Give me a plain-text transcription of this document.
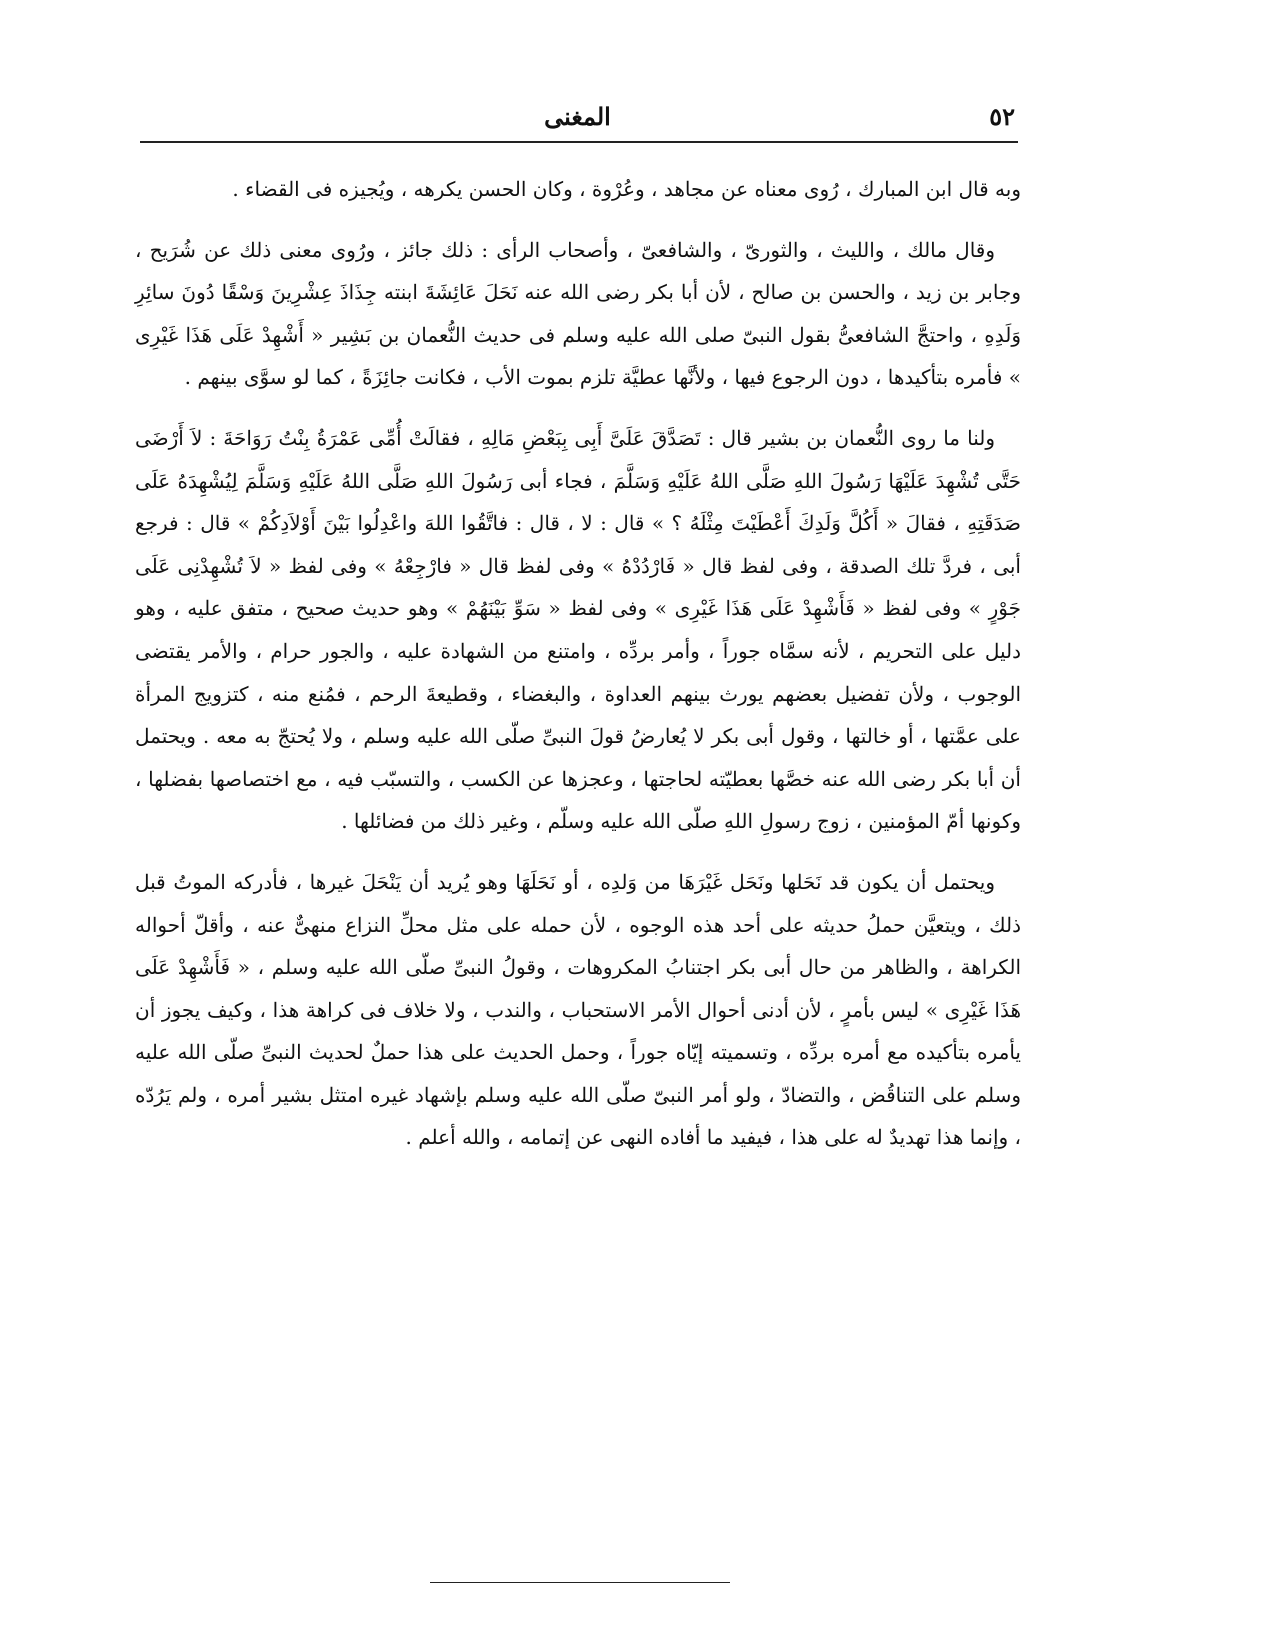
٥٢
المغنى

وبه قال ابن المبارك ، رُوى معناه عن مجاهد ، وعُرْوة ، وكان الحسن يكرهه ، ويُجيزه فى القضاء .

وقال مالك ، والليث ، والثورىّ ، والشافعىّ ، وأصحاب الرأى : ذلك جائز ، ورُوى معنى ذلك عن شُرَيح ، وجابر بن زيد ، والحسن بن صالح ، لأن أبا بكر رضى الله عنه نَحَلَ عَائِشَةَ ابنته جِذَاذَ عِشْرِينَ وَسْقًا دُونَ سائِرِ وَلَدِهِ ، واحتجَّ الشافعىُّ بقول النبىّ صلى الله عليه وسلم فى حديث النُّعمان بن بَشِير « أَشْهِدْ عَلَى هَذَا غَيْرِى » فأمره بتأكيدها ، دون الرجوع فيها ، ولأنَّها عطيَّة تلزم بموت الأب ، فكانت جائِزَةً ، كما لو سوَّى بينهم .

ولنا ما روى النُّعمان بن بشير قال : تَصَدَّقَ عَلَىَّ أَبِى بِبَعْضِ مَالِهِ ، فقالَتْ أُمِّى عَمْرَةُ بِنْتُ رَوَاحَةَ : لاَ أَرْضَى حَتَّى تُشْهِدَ عَلَيْهَا رَسُولَ اللهِ صَلَّى اللهُ عَلَيْهِ وَسَلَّمَ ، فجاء أبى رَسُولَ اللهِ صَلَّى اللهُ عَلَيْهِ وَسَلَّمَ لِيُشْهِدَهُ عَلَى صَدَقَتِهِ ، فقالَ « أَكُلَّ وَلَدِكَ أَعْطَيْتَ مِثْلَهُ ؟ » قال : لا ، قال : فاتَّقُوا اللهَ واعْدِلُوا بَيْنَ أَوْلاَدِكُمْ » قال : فرجع أبى ، فردَّ تلك الصدقة ، وفى لفظ قال « فَارْدُدْهُ » وفى لفظ قال « فارْجِعْهُ » وفى لفظ « لاَ تُشْهِدْنِى عَلَى جَوْرٍ » وفى لفظ « فَأَشْهِدْ عَلَى هَذَا غَيْرِى » وفى لفظ « سَوِّ بَيْنَهُمْ » وهو حديث صحيح ، متفق عليه ، وهو دليل على التحريم ، لأنه سمَّاه جوراً ، وأمر بردِّه ، وامتنع من الشهادة عليه ، والجور حرام ، والأمر يقتضى الوجوب ، ولأن تفضيل بعضهم يورث بينهم العداوة ، والبغضاء ، وقطيعةَ الرحم ، فمُنع منه ، كتزويج المرأة على عمَّتها ، أو خالتها ، وقول أبى بكر لا يُعارضُ قولَ النبىِّ صلّى الله عليه وسلم ، ولا يُحتجّ به معه . ويحتمل أن أبا بكر رضى الله عنه خصَّها بعطيّته لحاجتها ، وعجزها عن الكسب ، والتسبّب فيه ، مع اختصاصها بفضلها ، وكونها أمّ المؤمنين ، زوج رسولِ اللهِ صلّى الله عليه وسلّم ، وغير ذلك من فضائلها .

ويحتمل أن يكون قد نَحَلها ونَحَل غَيْرَهَا من وَلدِه ، أو نَحَلَهَا وهو يُريد أن يَنْحَلَ غيرها ، فأدركه الموتُ قبل ذلك ، ويتعيَّن حملُ حديثه على أحد هذه الوجوه ، لأن حمله على مثل محلِّ النزاع منهىٌّ عنه ، وأقلّ أحواله الكراهة ، والظاهر من حال أبى بكر اجتنابُ المكروهات ، وقولُ النبىِّ صلّى الله عليه وسلم ، « فَأَشْهِدْ عَلَى هَذَا غَيْرِى » ليس بأمرٍ ، لأن أدنى أحوال الأمر الاستحباب ، والندب ، ولا خلاف فى كراهة هذا ، وكيف يجوز أن يأمره بتأكيده مع أمره بردِّه ، وتسميته إيّاه جوراً ، وحمل الحديث على هذا حملٌ لحديث النبىِّ صلّى الله عليه وسلم على التناقُض ، والتضادّ ، ولو أمر النبىّ صلّى الله عليه وسلم بإشهاد غيره امتثل بشير أمره ، ولم يَرُدّه ، وإنما هذا تهديدٌ له على هذا ، فيفيد ما أفاده النهى عن إتمامه ، والله أعلم .
